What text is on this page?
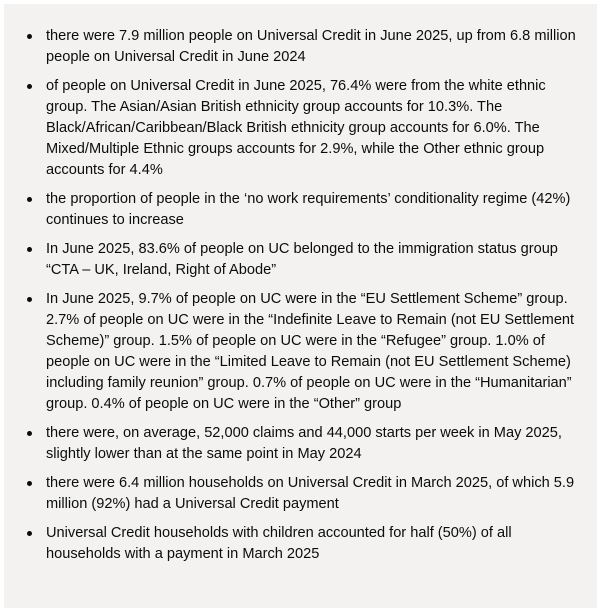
there were 7.9 million people on Universal Credit in June 2025, up from 6.8 million people on Universal Credit in June 2024
of people on Universal Credit in June 2025, 76.4% were from the white ethnic group. The Asian/Asian British ethnicity group accounts for 10.3%. The Black/African/Caribbean/Black British ethnicity group accounts for 6.0%. The Mixed/Multiple Ethnic groups accounts for 2.9%, while the Other ethnic group accounts for 4.4%
the proportion of people in the ‘no work requirements’ conditionality regime (42%) continues to increase
In June 2025, 83.6% of people on UC belonged to the immigration status group “CTA – UK, Ireland, Right of Abode”
In June 2025, 9.7% of people on UC were in the “EU Settlement Scheme” group. 2.7% of people on UC were in the “Indefinite Leave to Remain (not EU Settlement Scheme)” group. 1.5% of people on UC were in the “Refugee” group. 1.0% of people on UC were in the “Limited Leave to Remain (not EU Settlement Scheme) including family reunion” group. 0.7% of people on UC were in the “Humanitarian” group. 0.4% of people on UC were in the “Other” group
there were, on average, 52,000 claims and 44,000 starts per week in May 2025, slightly lower than at the same point in May 2024
there were 6.4 million households on Universal Credit in March 2025, of which 5.9 million (92%) had a Universal Credit payment
Universal Credit households with children accounted for half (50%) of all households with a payment in March 2025
